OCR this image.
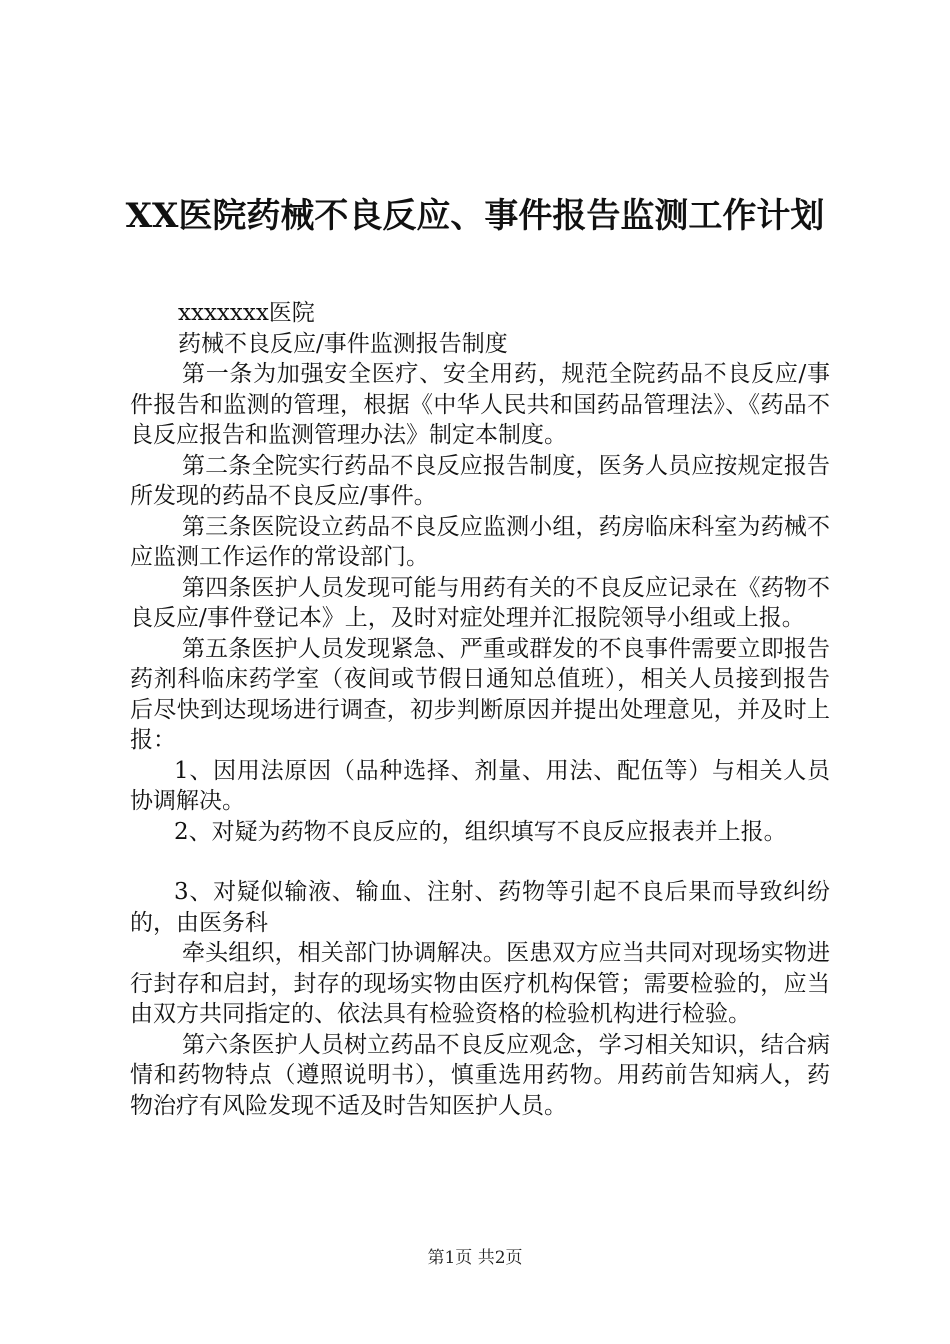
XX医院药械不良反应、事件报告监测工作计划

xxxxxxx医院

药械不良反应/事件监测报告制度

第一条为加强安全医疗、安全用药，规范全院药品不良反应/事件报告和监测的管理，根据《中华人民共和国药品管理法》、《药品不良反应报告和监测管理办法》制定本制度。

第二条全院实行药品不良反应报告制度，医务人员应按规定报告所发现的药品不良反应/事件。

第三条医院设立药品不良反应监测小组，药房临床科室为药械不应监测工作运作的常设部门。

第四条医护人员发现可能与用药有关的不良反应记录在《药物不良反应/事件登记本》上，及时对症处理并汇报院领导小组或上报。

第五条医护人员发现紧急、严重或群发的不良事件需要立即报告药剂科临床药学室（夜间或节假日通知总值班），相关人员接到报告后尽快到达现场进行调查，初步判断原因并提出处理意见，并及时上报：

1、因用法原因（品种选择、剂量、用法、配伍等）与相关人员协调解决。

2、对疑为药物不良反应的，组织填写不良反应报表并上报。

3、对疑似输液、输血、注射、药物等引起不良后果而导致纠纷的，由医务科

牵头组织，相关部门协调解决。医患双方应当共同对现场实物进行封存和启封，封存的现场实物由医疗机构保管；需要检验的，应当由双方共同指定的、依法具有检验资格的检验机构进行检验。

第六条医护人员树立药品不良反应观念，学习相关知识，结合病情和药物特点（遵照说明书），慎重选用药物。用药前告知病人，药物治疗有风险发现不适及时告知医护人员。

第1页 共2页
